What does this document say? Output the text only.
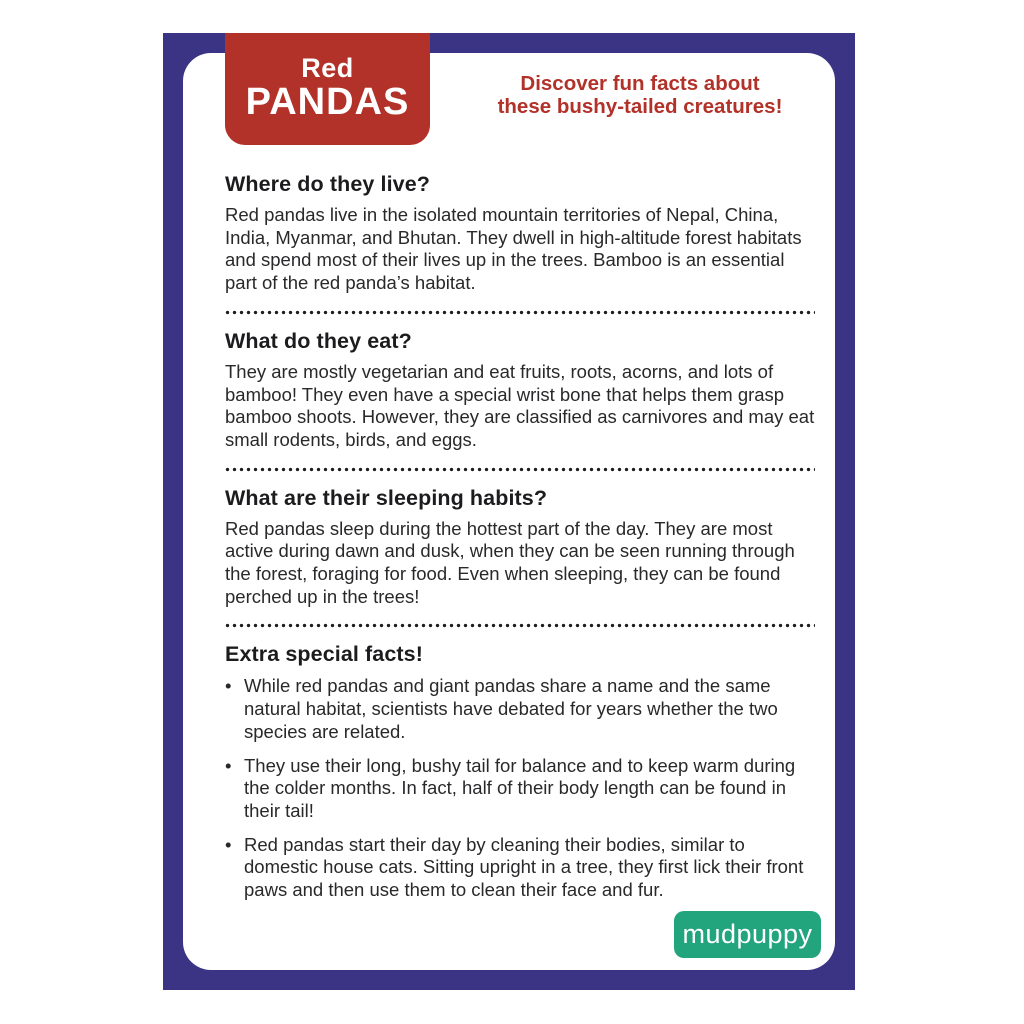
Red
PANDAS	Discover fun facts about
these bushy-tailed creatures!
Where do they live?

Red pandas live in the isolated mountain territories of Nepal, China, India, Myanmar, and Bhutan. They dwell in high-altitude forest habitats and spend most of their lives up in the trees. Bamboo is an essential part of the red panda’s habitat.

What do they eat?

They are mostly vegetarian and eat fruits, roots, acorns, and lots of bamboo! They even have a special wrist bone that helps them grasp bamboo shoots. However, they are classified as carnivores and may eat small rodents, birds, and eggs.

What are their sleeping habits?

Red pandas sleep during the hottest part of the day. They are most active during dawn and dusk, when they can be seen running through the forest, foraging for food. Even when sleeping, they can be found perched up in the trees!

Extra special facts!
• While red pandas and giant pandas share a name and the same natural habitat, scientists have debated for years whether the two species are related.

• They use their long, bushy tail for balance and to keep warm during the colder months. In fact, half of their body length can be found in their tail!

• Red pandas start their day by cleaning their bodies, similar to domestic house cats. Sitting upright in a tree, they first lick their front paws and then use them to clean their face and fur.

mudpuppy
